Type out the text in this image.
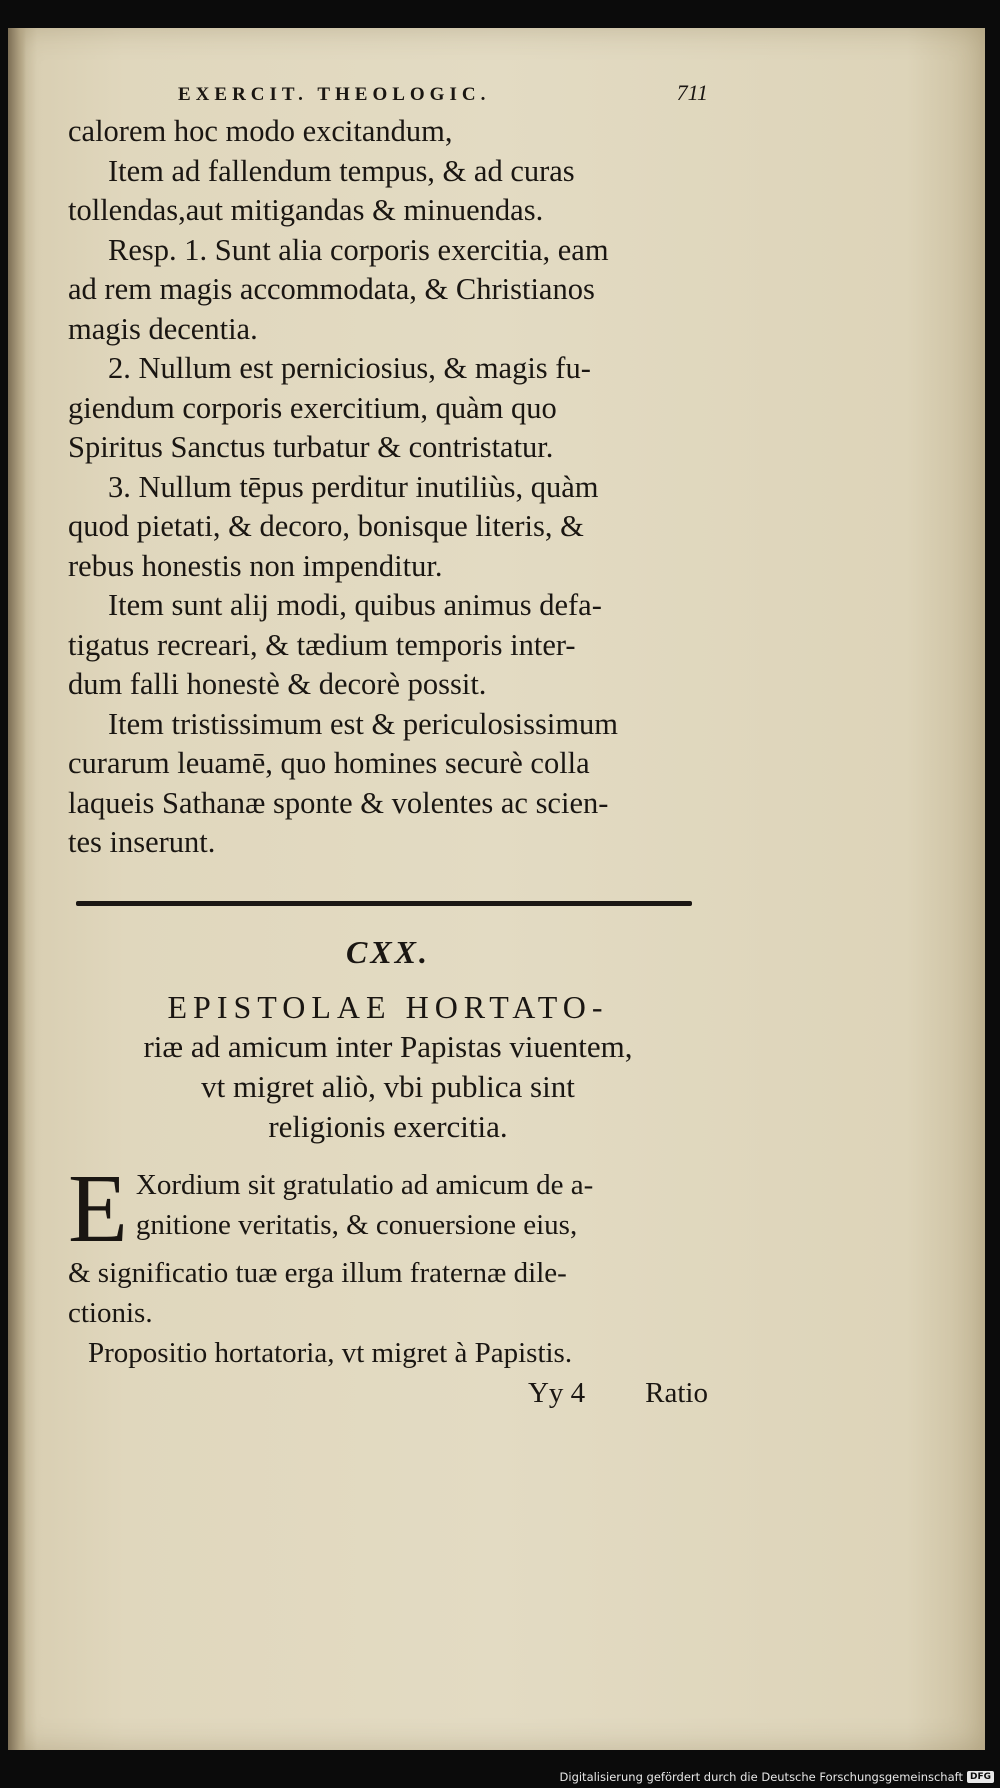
EXERCIT. THEOLOGIC.	711

calorem hoc modo excitandum,

Item ad fallendum tempus, & ad curas

tollendas,aut mitigandas & minuendas.

Resp. 1. Sunt alia corporis exercitia, eam

ad rem magis accommodata, & Christianos

magis decentia.

2. Nullum est perniciosius, & magis fu-

giendum corporis exercitium, quàm quo

Spiritus Sanctus turbatur & contristatur.

3. Nullum tēpus perditur inutiliùs, quàm

quod pietati, & decoro, bonisque literis, &

rebus honestis non impenditur.

Item sunt alij modi, quibus animus defa-

tigatus recreari, & tædium temporis inter-

dum falli honestè & decorè possit.

Item tristissimum est & periculosissimum

curarum leuamē, quo homines securè colla

laqueis Sathanæ sponte & volentes ac scien-

tes inserunt.

CXX.

EPISTOLAE HORTATO-

riæ ad amicum inter Papistas viuentem,

vt migret aliò, vbi publica sint

religionis exercitia.

E Xordium sit gratulatio ad amicum de a-

gnitione veritatis, & conuersione eius,

& significatio tuæ erga illum fraternæ dile-

ctionis.

Propositio hortatoria, vt migret à Papistis.

Yy 4 Ratio
Digitalisierung gefördert durch die Deutsche Forschungsgemeinschaft DFG
